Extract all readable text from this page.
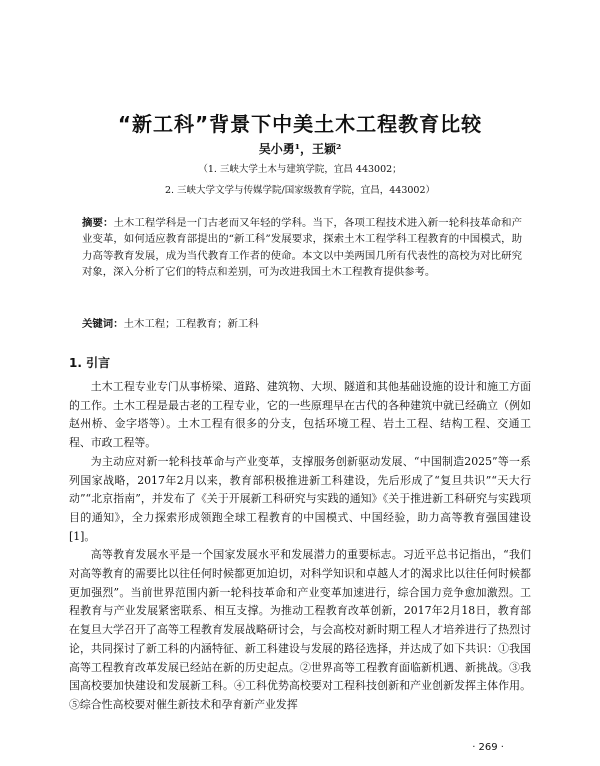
“新工科”背景下中美土木工程教育比较
吴小勇¹，王颖²
（1. 三峡大学土木与建筑学院，宜昌 443002；
2. 三峡大学文学与传媒学院/国家级教育学院，宜昌，443002）
摘要：土木工程学科是一门古老而又年轻的学科。当下，各项工程技术进入新一轮科技革命和产业变革，如何适应教育部提出的“新工科”发展要求，探索土木工程学科工程教育的中国模式，助力高等教育发展，成为当代教育工作者的使命。本文以中美两国几所有代表性的高校为对比研究对象，深入分析了它们的特点和差别，可为改进我国土木工程教育提供参考。
关键词：土木工程；工程教育；新工科
1. 引言

土木工程专业专门从事桥梁、道路、建筑物、大坝、隧道和其他基础设施的设计和施工方面的工作。土木工程是最古老的工程专业，它的一些原理早在古代的各种建筑中就已经确立（例如赵州桥、金字塔等）。土木工程有很多的分支，包括环境工程、岩土工程、结构工程、交通工程、市政工程等。

为主动应对新一轮科技革命与产业变革，支撑服务创新驱动发展、“中国制造2025”等一系列国家战略，2017年2月以来，教育部积极推进新工科建设，先后形成了“复旦共识”“天大行动”“北京指南”，并发布了《关于开展新工科研究与实践的通知》《关于推进新工科研究与实践项目的通知》，全力探索形成领跑全球工程教育的中国模式、中国经验，助力高等教育强国建设[1]。

高等教育发展水平是一个国家发展水平和发展潜力的重要标志。习近平总书记指出，“我们对高等教育的需要比以往任何时候都更加迫切，对科学知识和卓越人才的渴求比以往任何时候都更加强烈”。当前世界范围内新一轮科技革命和产业变革加速进行，综合国力竞争愈加激烈。工程教育与产业发展紧密联系、相互支撑。为推动工程教育改革创新，2017年2月18日，教育部在复旦大学召开了高等工程教育发展战略研讨会，与会高校对新时期工程人才培养进行了热烈讨论，共同探讨了新工科的内涵特征、新工科建设与发展的路径选择，并达成了如下共识：①我国高等工程教育改革发展已经站在新的历史起点。②世界高等工程教育面临新机遇、新挑战。③我国高校要加快建设和发展新工科。④工科优势高校要对工程科技创新和产业创新发挥主体作用。⑤综合性高校要对催生新技术和孕育新产业发挥

· 269 ·
